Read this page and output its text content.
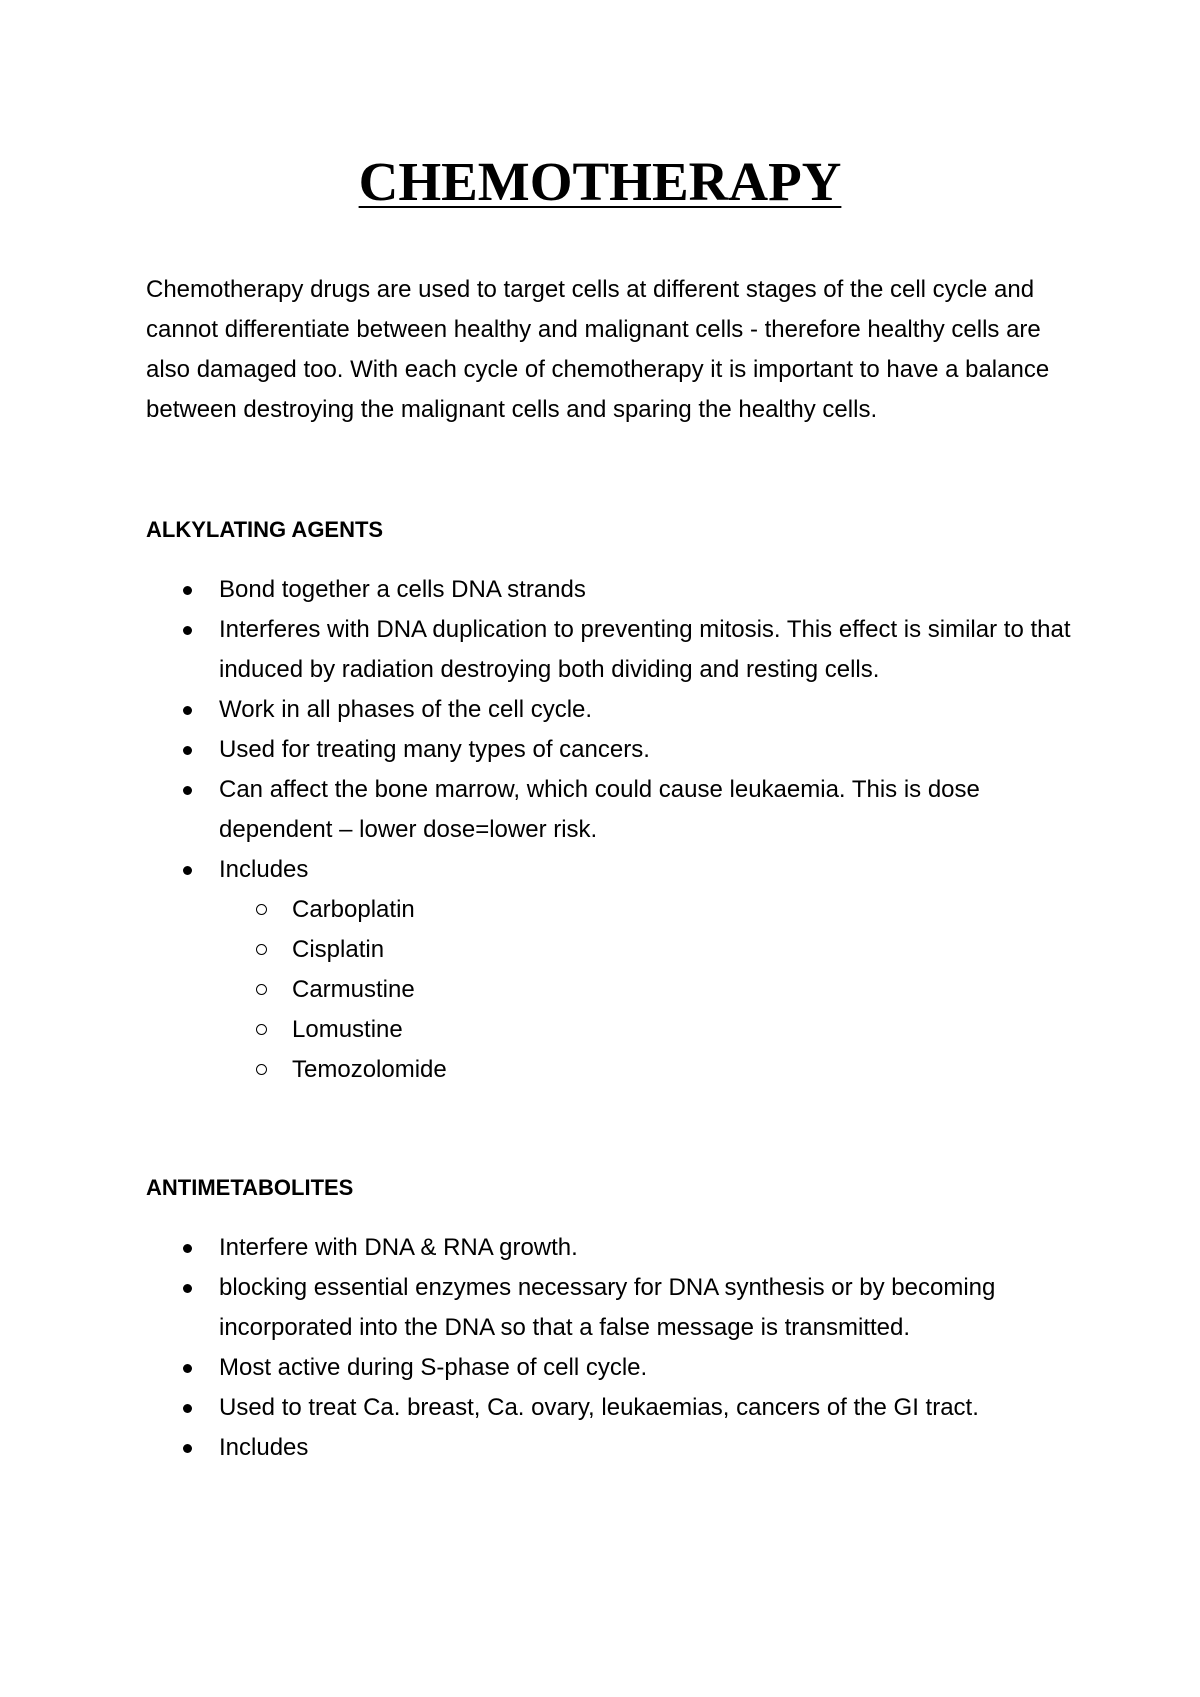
CHEMOTHERAPY

Chemotherapy drugs are used to target cells at different stages of the cell cycle and cannot differentiate between healthy and malignant cells - therefore healthy cells are also damaged too. With each cycle of chemotherapy it is important to have a balance between destroying the malignant cells and sparing the healthy cells.

ALKYLATING AGENTS

Bond together a cells DNA strands
Interferes with DNA duplication to preventing mitosis. This effect is similar to that induced by radiation destroying both dividing and resting cells.
Work in all phases of the cell cycle.
Used for treating many types of cancers.
Can affect the bone marrow, which could cause leukaemia. This is dose dependent – lower dose=lower risk.
Includes
Carboplatin
Cisplatin
Carmustine
Lomustine
Temozolomide

ANTIMETABOLITES

Interfere with DNA & RNA growth.
blocking essential enzymes necessary for DNA synthesis or by becoming incorporated into the DNA so that a false message is transmitted.
Most active during S-phase of cell cycle.
Used to treat Ca. breast, Ca. ovary, leukaemias, cancers of the GI tract.
Includes
